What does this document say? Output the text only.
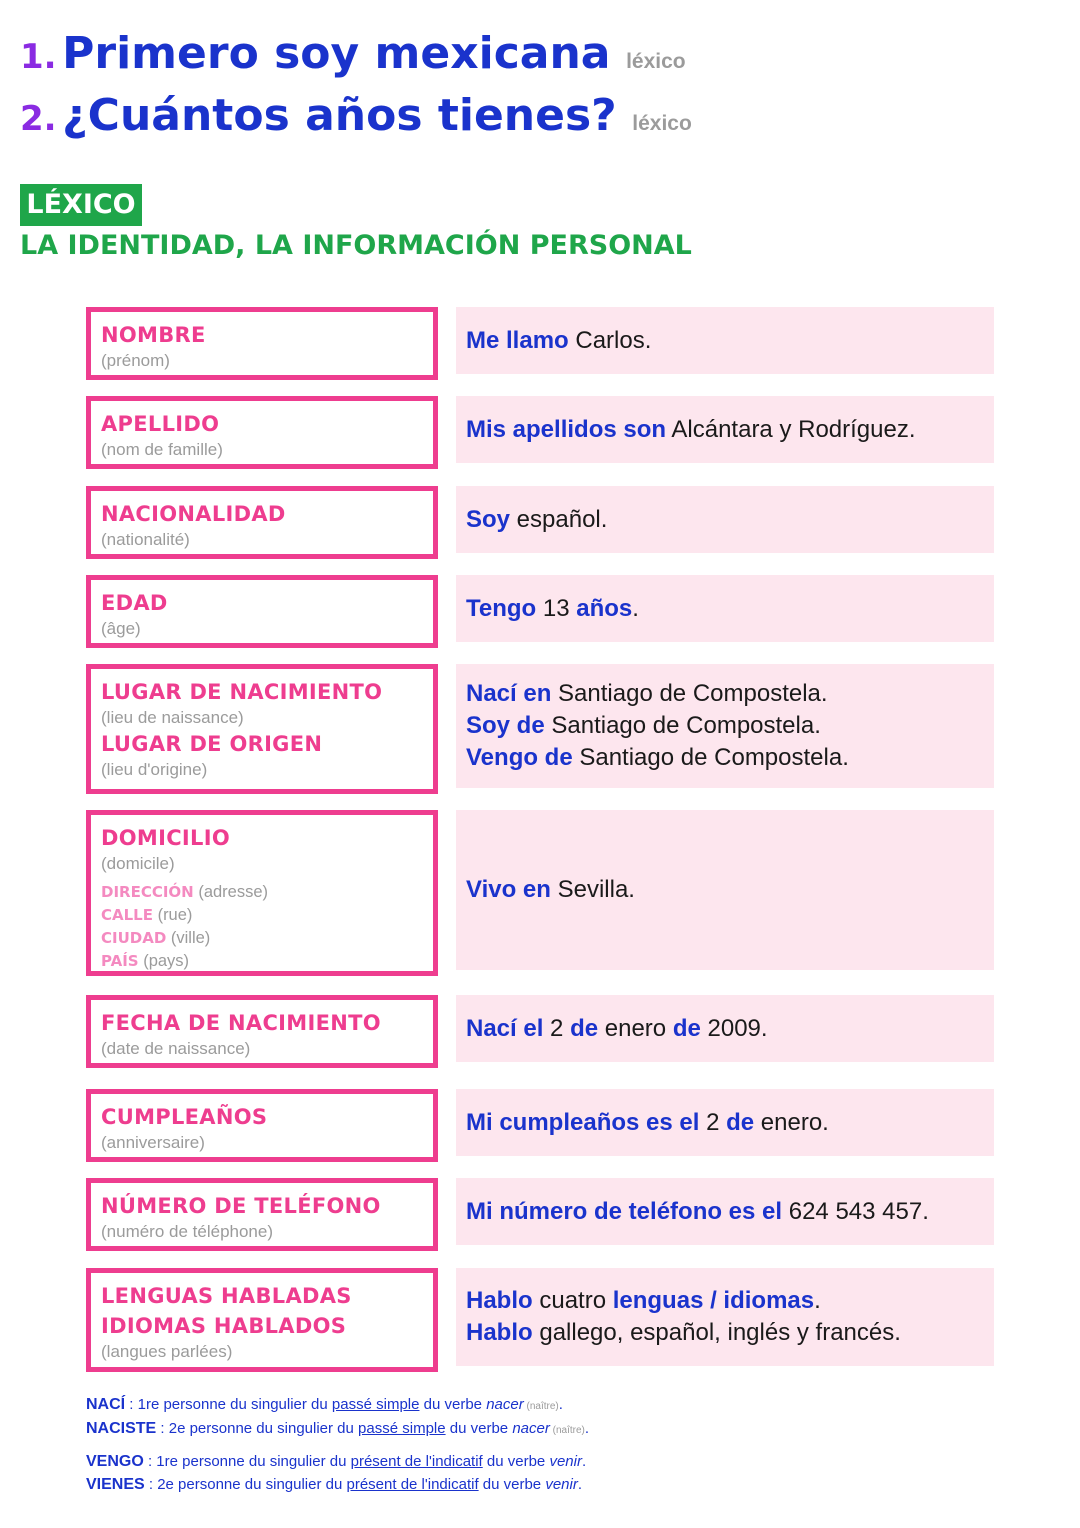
1. Primero soy mexicana léxico
2. ¿Cuántos años tienes? léxico
LÉXICO
LA IDENTIDAD, LA INFORMACIÓN PERSONAL
NOMBRE
(prénom)
Me llamo Carlos.
APELLIDO
(nom de famille)
Mis apellidos son Alcántara y Rodríguez.
NACIONALIDAD
(nationalité)
Soy español.
EDAD
(âge)
Tengo 13 años.
LUGAR DE NACIMIENTO
(lieu de naissance)
LUGAR DE ORIGEN
(lieu d'origine)
Nací en Santiago de Compostela.
Soy de Santiago de Compostela.
Vengo de Santiago de Compostela.
DOMICILIO
(domicile)
DIRECCIÓN (adresse)
CALLE (rue)
CIUDAD (ville)
PAÍS (pays)
Vivo en Sevilla.
FECHA DE NACIMIENTO
(date de naissance)
Nací el 2 de enero de 2009.
CUMPLEAÑOS
(anniversaire)
Mi cumpleaños es el 2 de enero.
NÚMERO DE TELÉFONO
(numéro de téléphone)
Mi número de teléfono es el 624 543 457.
LENGUAS HABLADAS
IDIOMAS HABLADOS
(langues parlées)
Hablo cuatro lenguas / idiomas.
Hablo gallego, español, inglés y francés.
NACÍ : 1re personne du singulier du passé simple du verbe nacer (naître).
NACISTE : 2e personne du singulier du passé simple du verbe nacer (naître).
VENGO : 1re personne du singulier du présent de l'indicatif du verbe venir.
VIENES : 2e personne du singulier du présent de l'indicatif du verbe venir.
